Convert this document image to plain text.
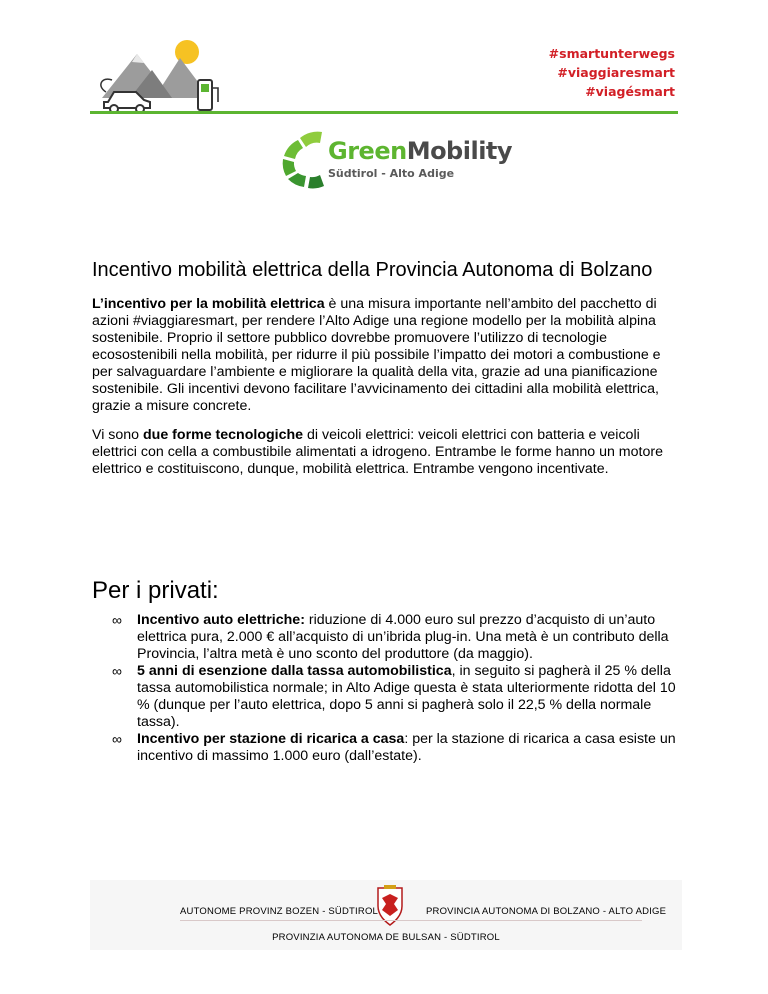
#smartunterwegs
#viaggiaresmart
#viagésmart
GreenMobility
Südtirol - Alto Adige
Incentivo mobilità elettrica della Provincia Autonoma di Bolzano

L’incentivo per la mobilità elettrica è una misura importante nell’ambito del pacchetto di azioni #viaggiaresmart, per rendere l’Alto Adige una regione modello per la mobilità alpina sostenibile. Proprio il settore pubblico dovrebbe promuovere l’utilizzo di tecnologie ecosostenibili nella mobilità, per ridurre il più possibile l’impatto dei motori a combustione e per salvaguardare l’ambiente e migliorare la qualità della vita, grazie ad una pianificazione sostenibile. Gli incentivi devono facilitare l’avvicinamento dei cittadini alla mobilità elettrica, grazie a misure concrete.

Vi sono due forme tecnologiche di veicoli elettrici: veicoli elettrici con batteria e veicoli elettrici con cella a combustibile alimentati a idrogeno. Entrambe le forme hanno un motore elettrico e costituiscono, dunque, mobilità elettrica. Entrambe vengono incentivate.

Per i privati:
∞ Incentivo auto elettriche: riduzione di 4.000 euro sul prezzo d’acquisto di un’auto elettrica pura, 2.000 € all’acquisto di un’ibrida plug-in. Una metà è un contributo della Provincia, l’altra metà è uno sconto del produttore (da maggio).
∞ 5 anni di esenzione dalla tassa automobilistica, in seguito si pagherà il 25 % della tassa automobilistica normale; in Alto Adige questa è stata ulteriormente ridotta del 10 % (dunque per l’auto elettrica, dopo 5 anni si pagherà solo il 22,5 % della normale tassa).
∞ Incentivo per stazione di ricarica a casa: per la stazione di ricarica a casa esiste un incentivo di massimo 1.000 euro (dall’estate).
AUTONOME PROVINZ BOZEN - SÜDTIROL	PROVINCIA AUTONOMA DI BOLZANO - ALTO ADIGE
PROVINZIA AUTONOMA DE BULSAN - SÜDTIROL
